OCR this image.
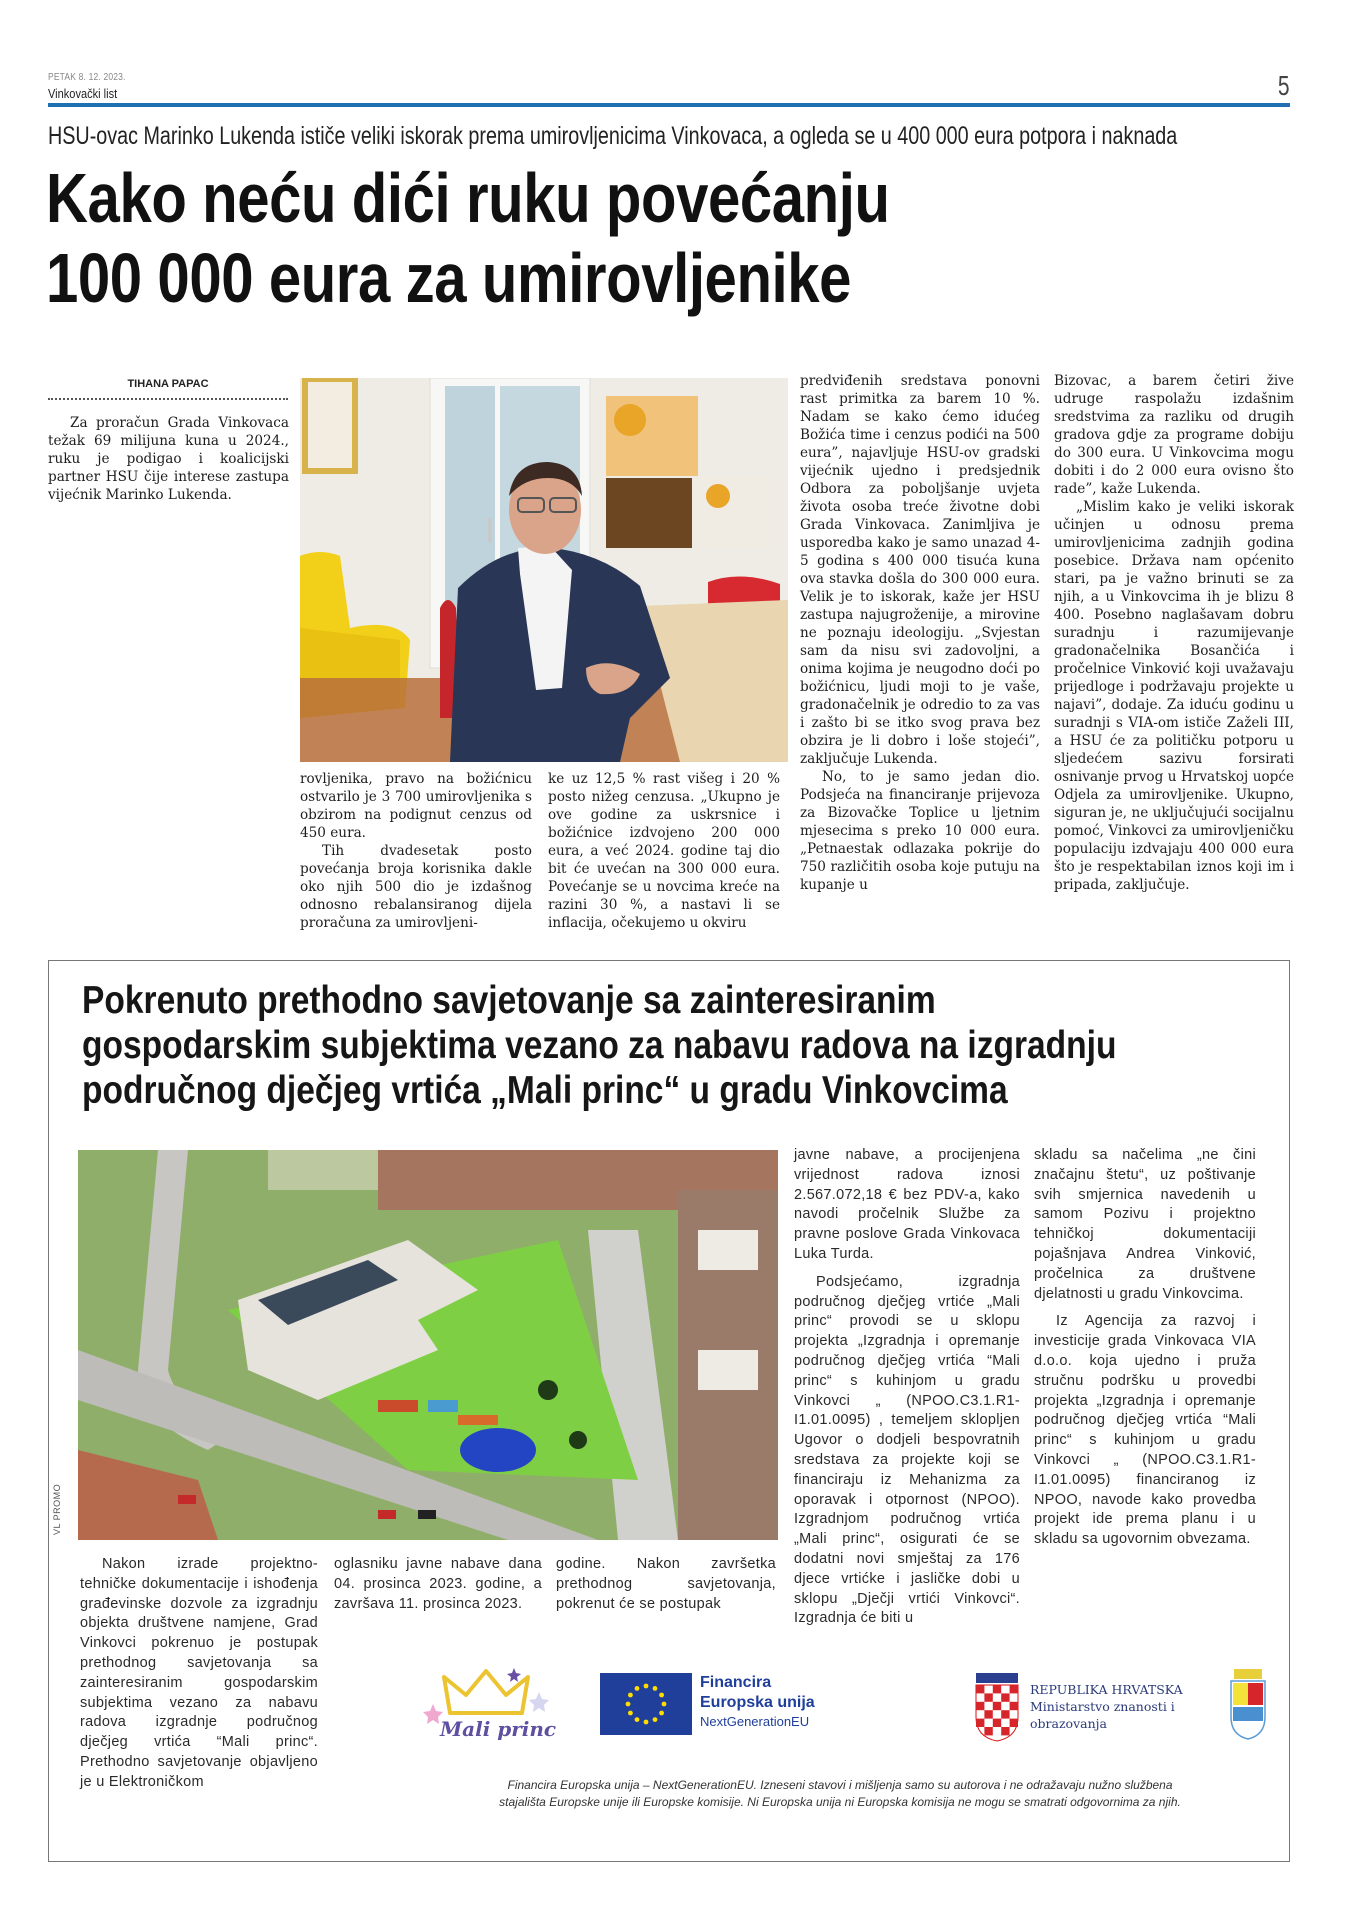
PETAK 8. 12. 2023.
Vinkovački list	5
HSU-ovac Marinko Lukenda ističe veliki iskorak prema umirovljenicima Vinkovaca, a ogleda se u 400 000 eura potpora i naknada
Kako neću dići ruku povećanju
100 000 eura za umirovljenike
TIHANA PAPAC

Za proračun Grada Vinkovaca težak 69 milijuna kuna u 2024., ruku je podigao i koalicijski partner HSU čije interese zastupa vijećnik Marinko Lukenda.

rovljenika, pravo na božićnicu ostvarilo je 3 700 umirovljenika s obzirom na podignut cenzus od 450 eura.

Tih dvadesetak posto povećanja broja korisnika dakle oko njih 500 dio je izdašnog odnosno rebalansiranog dijela proračuna za umirovljeni-

ke uz 12,5 % rast višeg i 20 % posto nižeg cenzusa. „Ukupno je ove godine za uskrsnice i božićnice izdvojeno 200 000 eura, a već 2024. godine taj dio bit će uvećan na 300 000 eura. Povećanje se u novcima kreće na razini 30 %, a nastavi li se inflacija, očekujemo u okviru

predviđenih sredstava ponovni rast primitka za barem 10 %. Nadam se kako ćemo idućeg Božića time i cenzus podići na 500 eura”, najavljuje HSU-ov gradski vijećnik ujedno i predsjednik Odbora za poboljšanje uvjeta života osoba treće životne dobi Grada Vinkovaca. Zanimljiva je usporedba kako je samo unazad 4-5 godina s 400 000 tisuća kuna ova stavka došla do 300 000 eura. Velik je to iskorak, kaže jer HSU zastupa najugroženije, a mirovine ne poznaju ideologiju. „Svjestan sam da nisu svi zadovoljni, a onima kojima je neugodno doći po božićnicu, ljudi moji to je vaše, gradonačelnik je odredio to za vas i zašto bi se itko svog prava bez obzira je li dobro i loše stojeći”, zaključuje Lukenda.

No, to je samo jedan dio. Podsjeća na financiranje prijevoza za Bizovačke Toplice u ljetnim mjesecima s preko 10 000 eura. „Petnaestak odlazaka pokrije do 750 različitih osoba koje putuju na kupanje u

Bizovac, a barem četiri žive udruge raspolažu izdašnim sredstvima za razliku od drugih gradova gdje za programe dobiju do 300 eura. U Vinkovcima mogu dobiti i do 2 000 eura ovisno što rade”, kaže Lukenda.

„Mislim kako je veliki iskorak učinjen u odnosu prema umirovljenicima zadnjih godina posebice. Država nam općenito stari, pa je važno brinuti se za njih, a u Vinkovcima ih je blizu 8 400. Posebno naglašavam dobru suradnju i razumijevanje gradonačelnika Bosančića i pročelnice Vinković koji uvažavaju prijedloge i podržavaju projekte u najavi”, dodaje. Za iduću godinu u suradnji s VIA-om ističe Zaželi III, a HSU će za političku potporu u sljedećem sazivu forsirati osnivanje prvog u Hrvatskoj uopće Odjela za umirovljenike. Ukupno, siguran je, ne uključujući socijalnu pomoć, Vinkovci za umirovljeničku populaciju izdvajaju 400 000 eura što je respektabilan iznos koji im i pripada, zaključuje.

Pokrenuto prethodno savjetovanje sa zainteresiranim
gospodarskim subjektima vezano za nabavu radova na izgradnju
područnog dječjeg vrtića „Mali princ“ u gradu Vinkovcima
VL PROMO

Nakon izrade projektno-tehničke dokumentacije i ishođenja građevinske dozvole za izgradnju objekta društvene namjene, Grad Vinkovci pokrenuo je postupak prethodnog savjetovanja sa zainteresiranim gospodarskim subjektima vezano za nabavu radova izgradnje područnog dječjeg vrtića “Mali princ“. Prethodno savjetovanje objavljeno je u Elektroničkom

oglasniku javne nabave dana 04. prosinca 2023. godine, a završava 11. prosinca 2023.

godine. Nakon završetka prethodnog savjetovanja, pokrenut će se postupak

javne nabave, a procijenjena vrijednost radova iznosi 2.567.072,18 € bez PDV-a, kako navodi pročelnik Službe za pravne poslove Grada Vinkovaca Luka Turda.

Podsjećamo, izgradnja područnog dječjeg vrtiće „Mali princ“ provodi se u sklopu projekta „Izgradnja i opremanje područnog dječjeg vrtića “Mali princ“ s kuhinjom u gradu Vinkovci „ (NPOO.C3.1.R1-I1.01.0095) , temeljem sklopljen Ugovor o dodjeli bespovratnih sredstava za projekte koji se financiraju iz Mehanizma za oporavak i otpornost (NPOO). Izgradnjom područnog vrtića „Mali princ“, osigurati će se dodatni novi smještaj za 176 djece vrtićke i jasličke dobi u sklopu „Dječji vrtići Vinkovci“. Izgradnja će biti u

skladu sa načelima „ne čini značajnu štetu“, uz poštivanje svih smjernica navedenih u samom Pozivu i projektno tehničkoj dokumentaciji pojašnjava Andrea Vinković, pročelnica za društvene djelatnosti u gradu Vinkovcima.

Iz Agencija za razvoj i investicije grada Vinkovaca VIA d.o.o. koja ujedno i pruža stručnu podršku u provedbi projekta „Izgradnja i opremanje područnog dječjeg vrtića “Mali princ“ s kuhinjom u gradu Vinkovci „ (NPOO.C3.1.R1-I1.01.0095) financiranog iz NPOO, navode kako provedba projekt ide prema planu i u skladu sa ugovornim obvezama.

Mali princ
Financira
Europska unija
NextGenerationEU
REPUBLIKA HRVATSKA
Ministarstvo znanosti i
obrazovanja
Financira Europska unija – NextGenerationEU. Izneseni stavovi i mišljenja samo su autorova i ne odražavaju nužno službena
stajališta Europske unije ili Europske komisije. Ni Europska unija ni Europska komisija ne mogu se smatrati odgovornima za njih.
